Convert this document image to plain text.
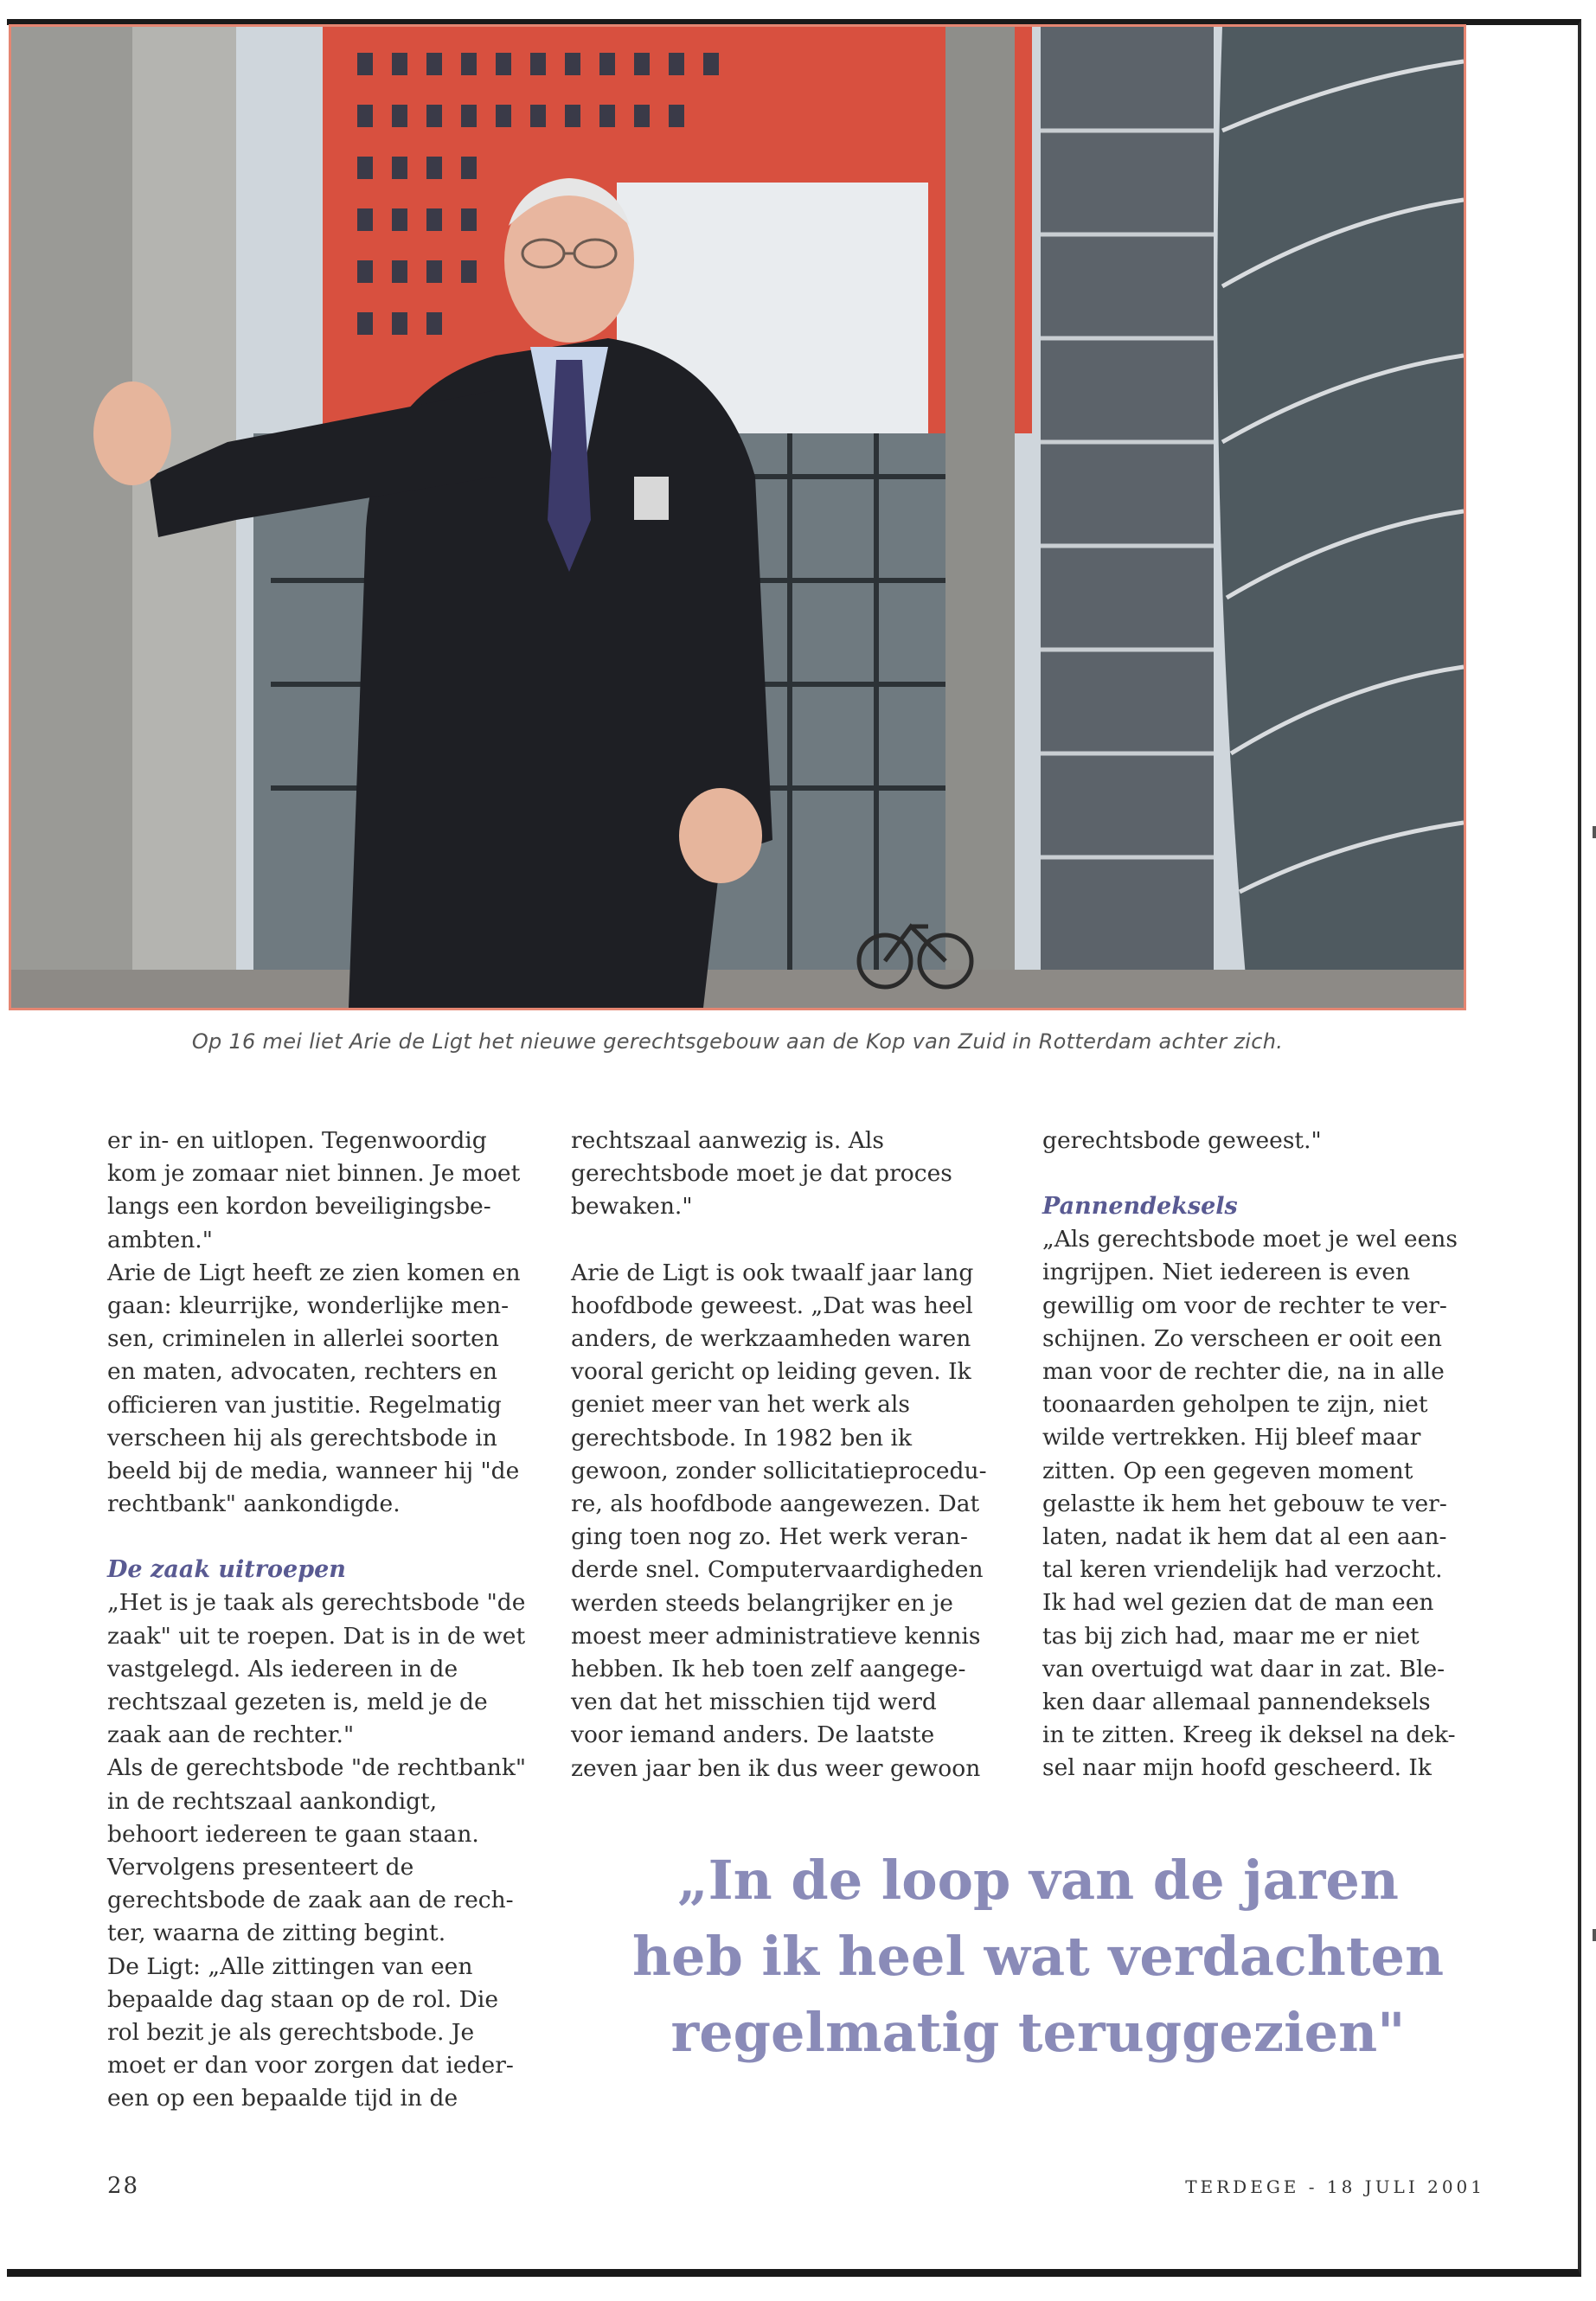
Op 16 mei liet Arie de Ligt het nieuwe gerechtsgebouw aan de Kop van Zuid in Rotterdam achter zich.

er in- en uitlopen. Tegenwoordig
kom je zomaar niet binnen. Je moet
langs een kordon beveiligingsbe-
ambten."
Arie de Ligt heeft ze zien komen en
gaan: kleurrijke, wonderlijke men-
sen, criminelen in allerlei soorten
en maten, advocaten, rechters en
officieren van justitie. Regelmatig
verscheen hij als gerechtsbode in
beeld bij de media, wanneer hij "de
rechtbank" aankondigde.

De zaak uitroepen

„Het is je taak als gerechtsbode "de
zaak" uit te roepen. Dat is in de wet
vastgelegd. Als iedereen in de
rechtszaal gezeten is, meld je de
zaak aan de rechter."
Als de gerechtsbode "de rechtbank"
in de rechtszaal aankondigt,
behoort iedereen te gaan staan.
Vervolgens presenteert de
gerechtsbode de zaak aan de rech-
ter, waarna de zitting begint.
De Ligt: „Alle zittingen van een
bepaalde dag staan op de rol. Die
rol bezit je als gerechtsbode. Je
moet er dan voor zorgen dat ieder-
een op een bepaalde tijd in de

rechtszaal aanwezig is. Als
gerechtsbode moet je dat proces
bewaken."

Arie de Ligt is ook twaalf jaar lang
hoofdbode geweest. „Dat was heel
anders, de werkzaamheden waren
vooral gericht op leiding geven. Ik
geniet meer van het werk als
gerechtsbode. In 1982 ben ik
gewoon, zonder sollicitatieprocedu-
re, als hoofdbode aangewezen. Dat
ging toen nog zo. Het werk veran-
derde snel. Computervaardigheden
werden steeds belangrijker en je
moest meer administratieve kennis
hebben. Ik heb toen zelf aangege-
ven dat het misschien tijd werd
voor iemand anders. De laatste
zeven jaar ben ik dus weer gewoon

gerechtsbode geweest."

Pannendeksels

„Als gerechtsbode moet je wel eens
ingrijpen. Niet iedereen is even
gewillig om voor de rechter te ver-
schijnen. Zo verscheen er ooit een
man voor de rechter die, na in alle
toonaarden geholpen te zijn, niet
wilde vertrekken. Hij bleef maar
zitten. Op een gegeven moment
gelastte ik hem het gebouw te ver-
laten, nadat ik hem dat al een aan-
tal keren vriendelijk had verzocht.
Ik had wel gezien dat de man een
tas bij zich had, maar me er niet
van overtuigd wat daar in zat. Ble-
ken daar allemaal pannendeksels
in te zitten. Kreeg ik deksel na dek-
sel naar mijn hoofd gescheerd. Ik

„In de loop van de jaren
heb ik heel wat verdachten
regelmatig teruggezien"
28	TERDEGE - 18 JULI 2001
